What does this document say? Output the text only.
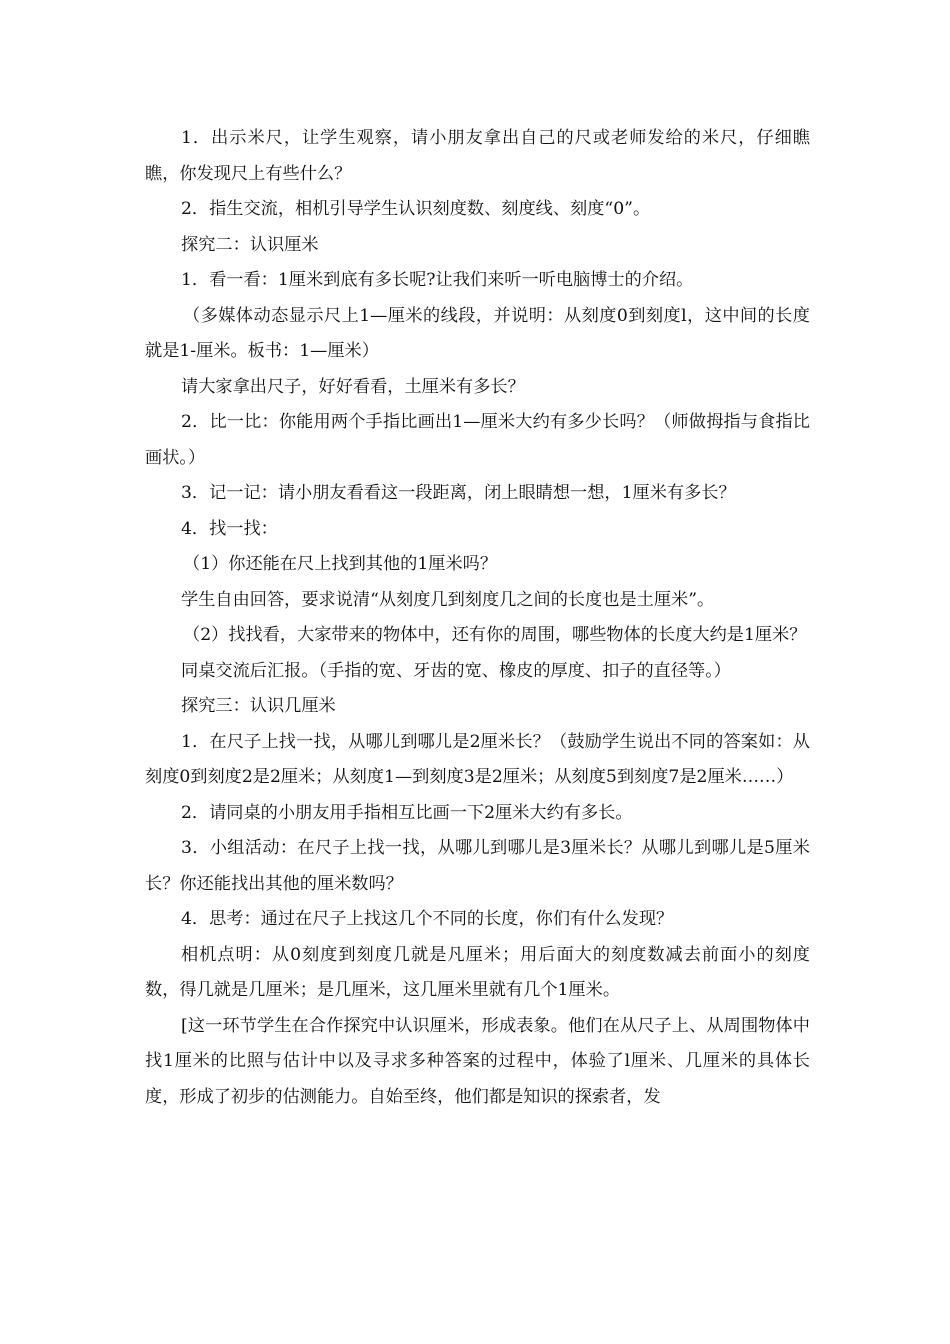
1．出示米尺，让学生观察，请小朋友拿出自己的尺或老师发给的米尺，仔细瞧瞧，你发现尺上有些什么？

2．指生交流，相机引导学生认识刻度数、刻度线、刻度“0”。

探究二：认识厘米

1．看一看：1厘米到底有多长呢?让我们来听一听电脑博士的介绍。

（多媒体动态显示尺上1—厘米的线段，并说明：从刻度0到刻度l，这中间的长度就是1-厘米。板书：1—厘米）

请大家拿出尺子，好好看看，土厘米有多长？

2．比一比：你能用两个手指比画出1—厘米大约有多少长吗？（师做拇指与食指比画状。）

3．记一记：请小朋友看看这一段距离，闭上眼睛想一想，1厘米有多长？

4．找一找：

（1）你还能在尺上找到其他的1厘米吗？

学生自由回答，要求说清“从刻度几到刻度几之间的长度也是土厘米”。

（2）找找看，大家带来的物体中，还有你的周围，哪些物体的长度大约是1厘米？

同桌交流后汇报。（手指的宽、牙齿的宽、橡皮的厚度、扣子的直径等。）

探究三：认识几厘米

1．在尺子上找一找，从哪儿到哪儿是2厘米长？（鼓励学生说出不同的答案如：从刻度0到刻度2是2厘米；从刻度1—到刻度3是2厘米；从刻度5到刻度7是2厘米……）

2．请同桌的小朋友用手指相互比画一下2厘米大约有多长。

3．小组活动：在尺子上找一找，从哪儿到哪儿是3厘米长？从哪儿到哪儿是5厘米长？你还能找出其他的厘米数吗？

4．思考：通过在尺子上找这几个不同的长度，你们有什么发现？

相机点明：从0刻度到刻度几就是凡厘米；用后面大的刻度数减去前面小的刻度数，得几就是几厘米；是几厘米，这几厘米里就有几个1厘米。

[这一环节学生在合作探究中认识厘米，形成表象。他们在从尺子上、从周围物体中找1厘米的比照与估计中以及寻求多种答案的过程中，体验了l厘米、几厘米的具体长度，形成了初步的估测能力。自始至终，他们都是知识的探索者，发
